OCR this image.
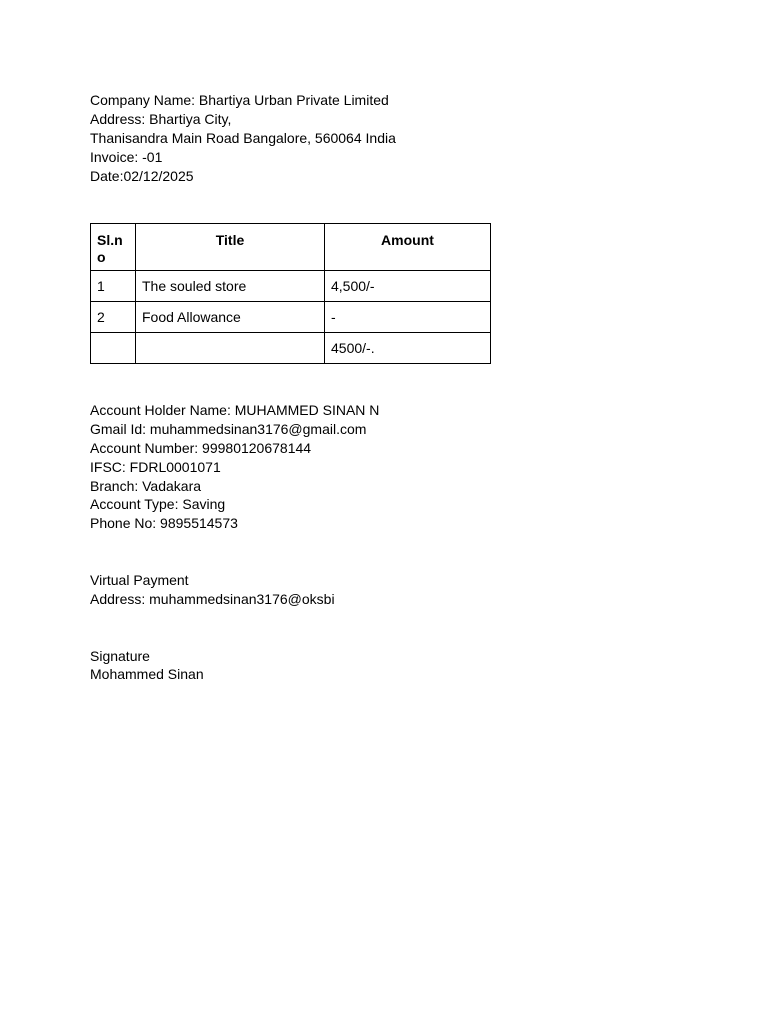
Company Name: Bhartiya Urban Private Limited
Address: Bhartiya City,
Thanisandra Main Road Bangalore, 560064 India
Invoice: -01
Date:02/12/2025
Sl.no	Title	Amount
1	The souled store	4,500/-
2	Food Allowance	-
		4500/-.
Account Holder Name: MUHAMMED SINAN N
Gmail Id: muhammedsinan3176@gmail.com
Account Number: 99980120678144
IFSC: FDRL0001071
Branch: Vadakara
Account Type: Saving
Phone No: 9895514573
Virtual Payment
Address: muhammedsinan3176@oksbi
Signature
Mohammed Sinan
